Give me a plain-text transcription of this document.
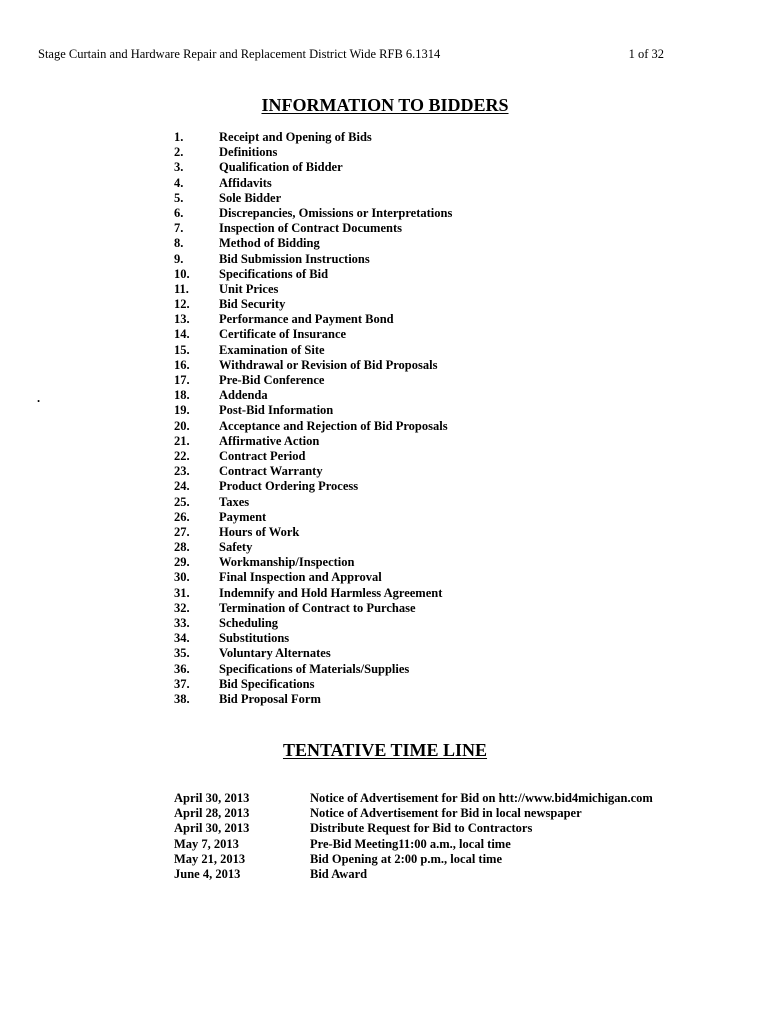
Stage Curtain and Hardware Repair and Replacement District Wide RFB 6.1314	1 of 32
INFORMATION TO BIDDERS
1.	Receipt and Opening of Bids
2.	Definitions
3.	Qualification of Bidder
4.	Affidavits
5.	Sole Bidder
6.	Discrepancies, Omissions or Interpretations
7.	Inspection of Contract Documents
8.	Method of Bidding
9.	Bid Submission Instructions
10.	Specifications of Bid
11.	Unit Prices
12.	Bid Security
13.	Performance and Payment Bond
14.	Certificate of Insurance
15.	Examination of Site
16.	Withdrawal or Revision of Bid Proposals
17.	Pre-Bid Conference
18.	Addenda
19.	Post-Bid Information
20.	Acceptance and Rejection of Bid Proposals
21.	Affirmative Action
22.	Contract Period
23.	Contract Warranty
24.	Product Ordering Process
25.	Taxes
26.	Payment
27.	Hours of Work
28.	Safety
29.	Workmanship/Inspection
30.	Final Inspection and Approval
31.	Indemnify and Hold Harmless Agreement
32.	Termination of Contract to Purchase
33.	Scheduling
34.	Substitutions
35.	Voluntary Alternates
36.	Specifications of Materials/Supplies
37.	Bid Specifications
38.	Bid Proposal Form
.
TENTATIVE TIME LINE
April 30, 2013	Notice of Advertisement for Bid on htt://www.bid4michigan.com
April 28, 2013	Notice of Advertisement for Bid in local newspaper
April 30, 2013	Distribute Request for Bid to Contractors
May 7, 2013	Pre-Bid Meeting11:00 a.m., local time
May 21, 2013	Bid Opening at 2:00 p.m., local time
June 4, 2013	Bid Award
